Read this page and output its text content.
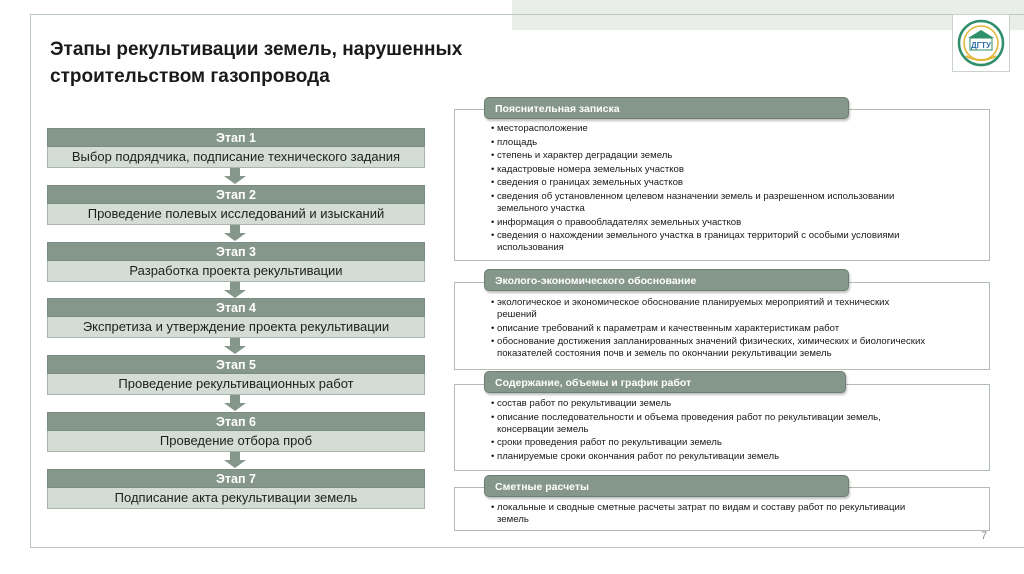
ДГТУ
Этапы рекультивации земель, нарушенных строительством газопровода
Этап 1
Выбор подрядчика, подписание технического задания
Этап 2
Проведение полевых исследований и изысканий
Этап 3
Разработка проекта рекультивации
Этап 4
Экспретиза и утверждение проекта рекультивации
Этап 5
Проведение рекультивационных работ
Этап 6
Проведение отбора проб
Этап 7
Подписание акта рекультивации земель
• месторасположение
• площадь
• степень и характер деградации земель
• кадастровые номера земельных участков
• сведения о границах земельных участков
• сведения об установленном целевом назначении земель и разрешенном использовании земельного участка
• информация о правообладателях земельных участков
• сведения о нахождении земельного участка в границах территорий с особыми условиями использования
Пояснительная записка
• экологическое и экономическое обоснование планируемых мероприятий и технических решений
• описание требований к параметрам и качественным характеристикам работ
• обоснование достижения запланированных значений физических, химических и биологических показателей состояния почв и земель по окончании рекультивации земель
Эколого-экономического обоснование
• состав работ по рекультивации земель
• описание последовательности и объема проведения работ по рекультивации земель, консервации земель
• сроки проведения работ по рекультивации земель
• планируемые сроки окончания работ по рекультивации земель
Содержание, объемы и график работ
• локальные и сводные сметные расчеты затрат по видам и составу работ по рекультивации земель
Сметные расчеты
7
